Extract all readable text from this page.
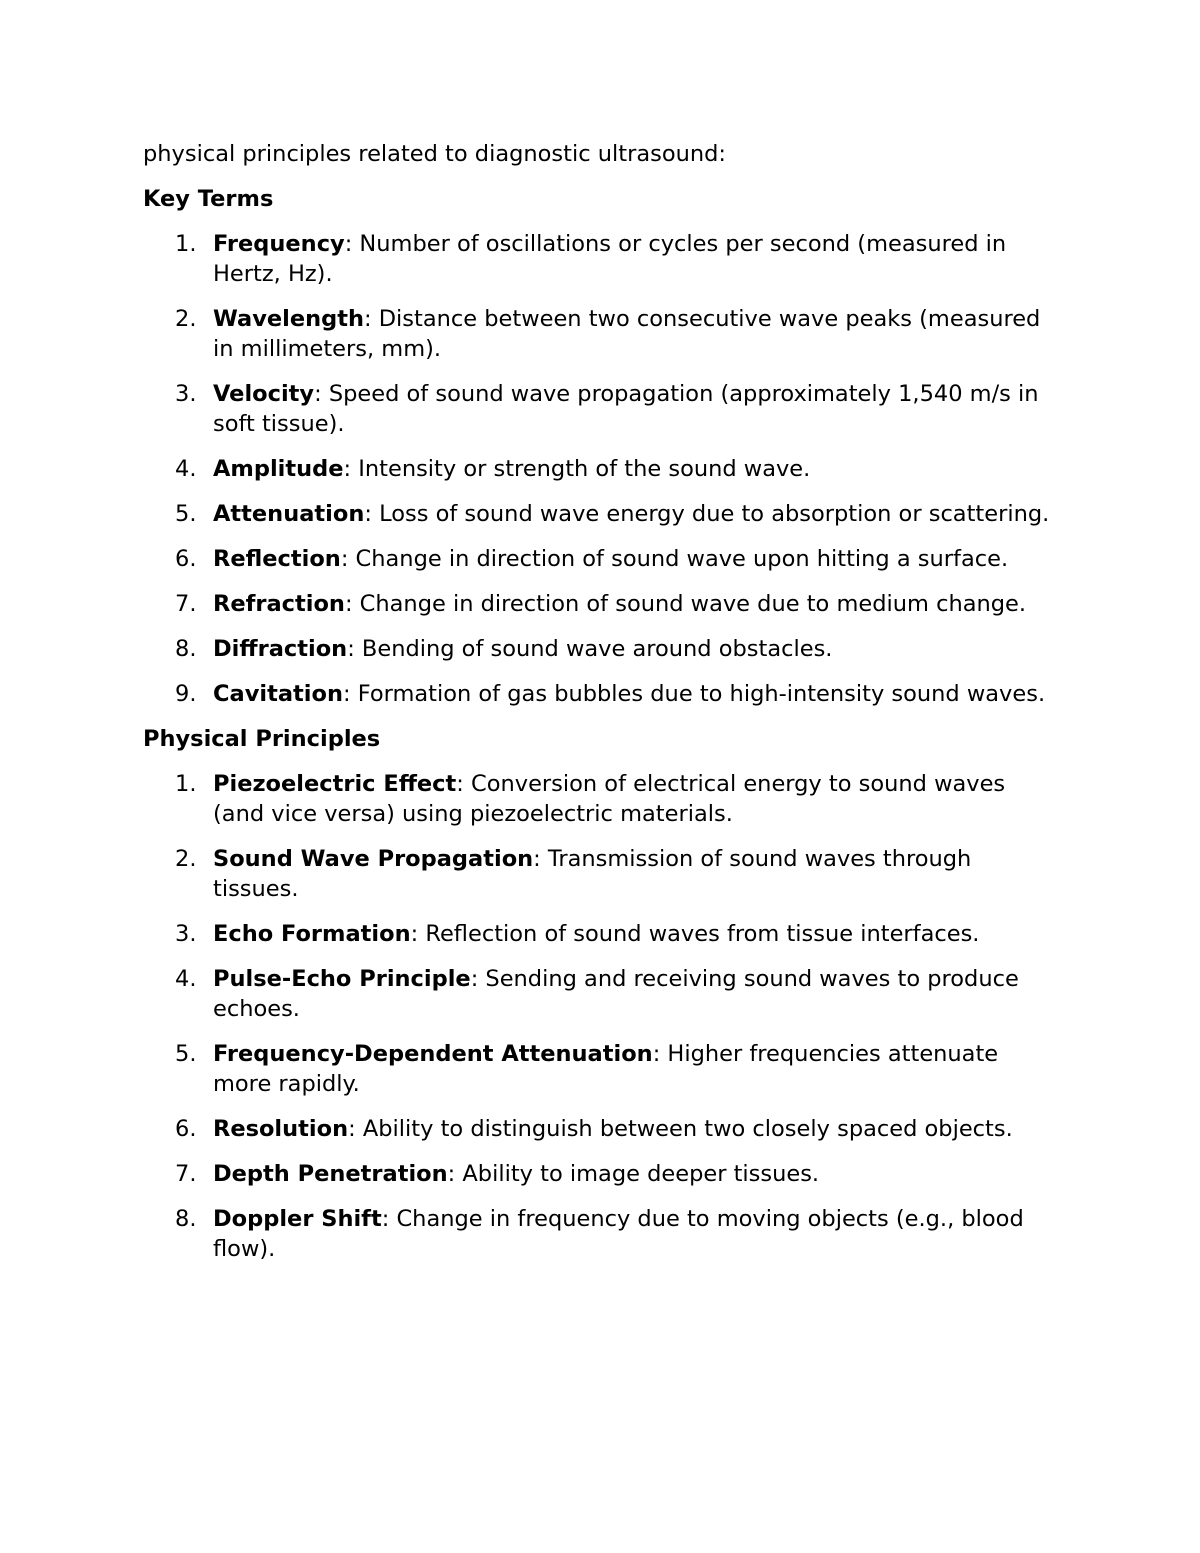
physical principles related to diagnostic ultrasound:

Key Terms
1. Frequency: Number of oscillations or cycles per second (measured in Hertz, Hz).
2. Wavelength: Distance between two consecutive wave peaks (measured in millimeters, mm).
3. Velocity: Speed of sound wave propagation (approximately 1,540 m/s in soft tissue).
4. Amplitude: Intensity or strength of the sound wave.
5. Attenuation: Loss of sound wave energy due to absorption or scattering.
6. Reflection: Change in direction of sound wave upon hitting a surface.
7. Refraction: Change in direction of sound wave due to medium change.
8. Diffraction: Bending of sound wave around obstacles.
9. Cavitation: Formation of gas bubbles due to high-intensity sound waves.
Physical Principles
1. Piezoelectric Effect: Conversion of electrical energy to sound waves (and vice versa) using piezoelectric materials.
2. Sound Wave Propagation: Transmission of sound waves through tissues.
3. Echo Formation: Reflection of sound waves from tissue interfaces.
4. Pulse-Echo Principle: Sending and receiving sound waves to produce echoes.
5. Frequency-Dependent Attenuation: Higher frequencies attenuate more rapidly.
6. Resolution: Ability to distinguish between two closely spaced objects.
7. Depth Penetration: Ability to image deeper tissues.
8. Doppler Shift: Change in frequency due to moving objects (e.g., blood flow).
